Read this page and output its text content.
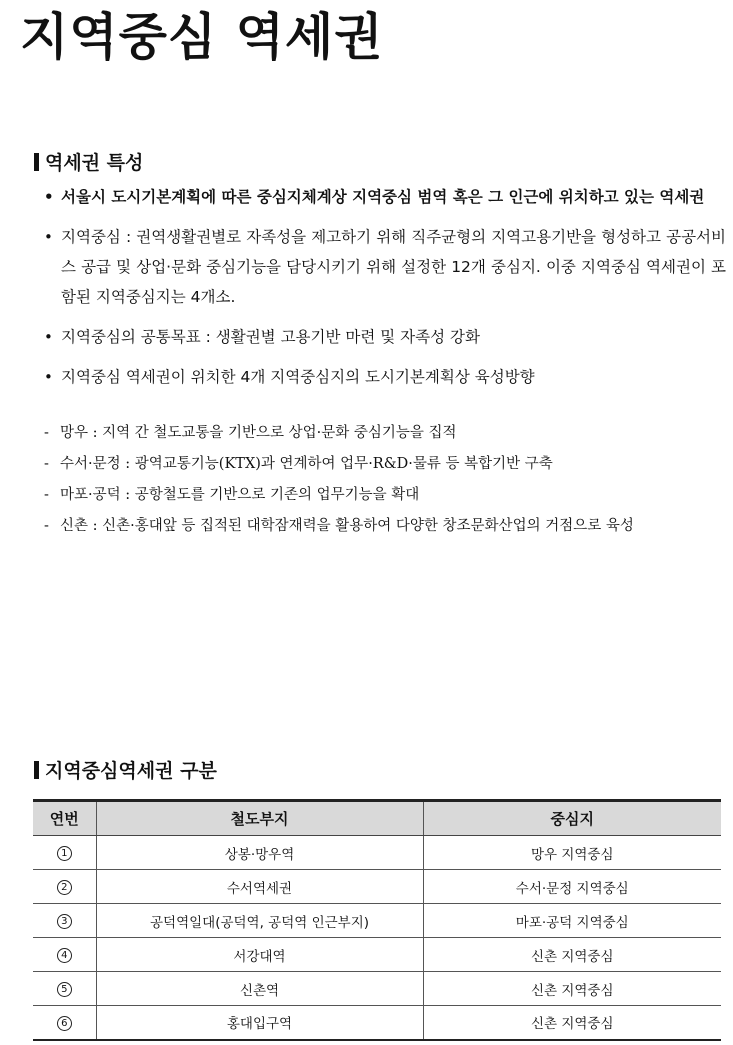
지역중심 역세권
역세권 특성
• 서울시 도시기본계획에 따른 중심지체계상 지역중심 범역 혹은 그 인근에 위치하고 있는 역세권
• 지역중심 : 권역생활권별로 자족성을 제고하기 위해 직주균형의 지역고용기반을 형성하고 공공서비스 공급 및 상업·문화 중심기능을 담당시키기 위해 설정한 12개 중심지. 이중 지역중심 역세권이 포함된 지역중심지는 4개소.
• 지역중심의 공통목표 : 생활권별 고용기반 마련 및 자족성 강화
• 지역중심 역세권이 위치한 4개 지역중심지의 도시기본계획상 육성방향
- 망우 : 지역 간 철도교통을 기반으로 상업·문화 중심기능을 집적
- 수서·문정 : 광역교통기능(KTX)과 연계하여 업무·R&D·물류 등 복합기반 구축
- 마포·공덕 : 공항철도를 기반으로 기존의 업무기능을 확대
- 신촌 : 신촌·홍대앞 등 집적된 대학잠재력을 활용하여 다양한 창조문화산업의 거점으로 육성
지역중심역세권 구분
연번	철도부지	중심지
1	상봉·망우역	망우 지역중심
2	수서역세권	수서·문정 지역중심
3	공덕역일대(공덕역, 공덕역 인근부지)	마포·공덕 지역중심
4	서강대역	신촌 지역중심
5	신촌역	신촌 지역중심
6	홍대입구역	신촌 지역중심
